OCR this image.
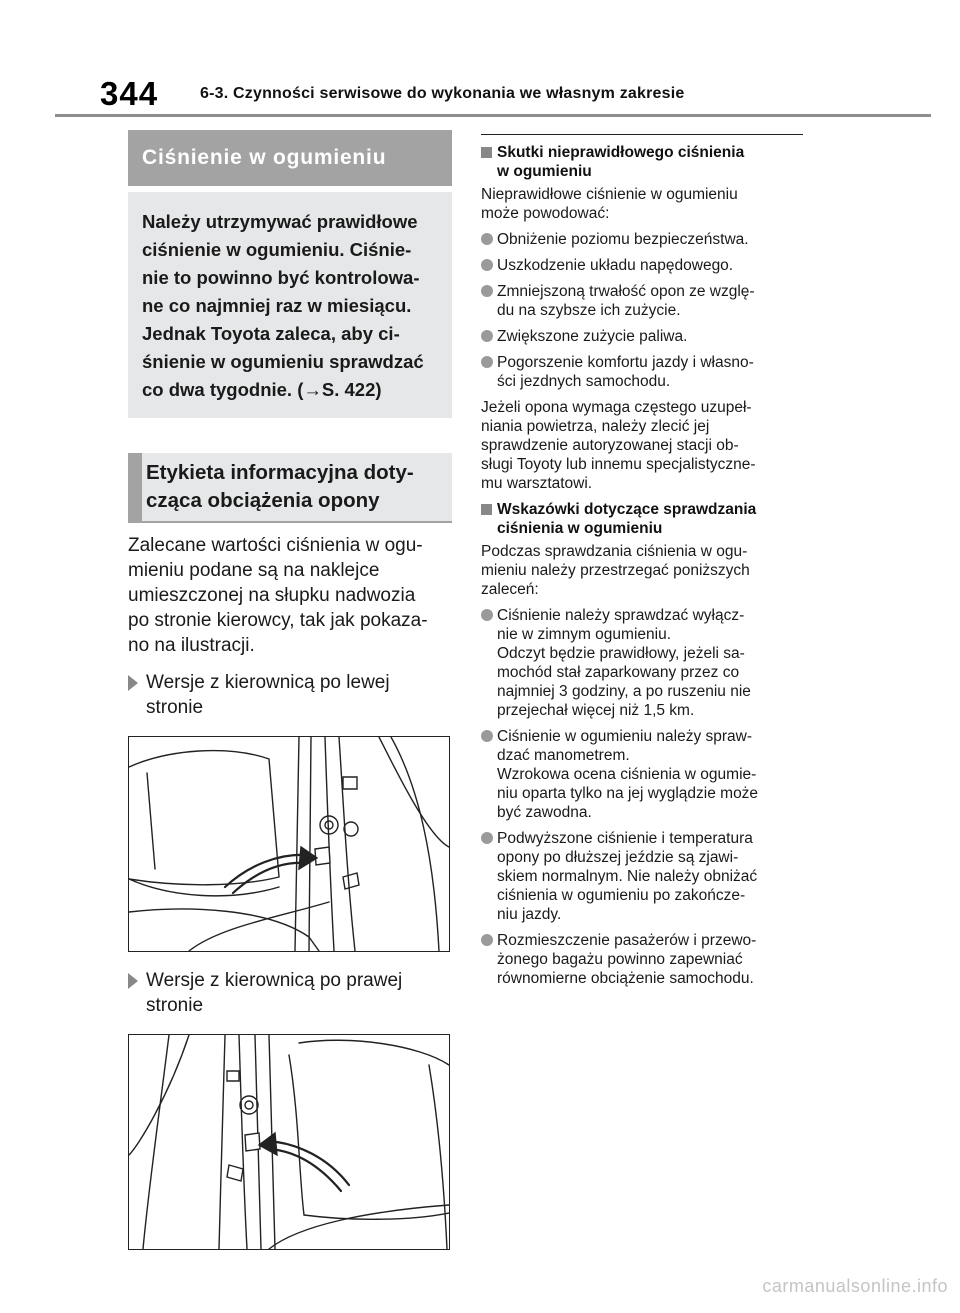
344	6-3. Czynności serwisowe do wykonania we własnym zakresie
Ciśnienie w ogumieniu
Należy utrzymywać prawidłowe
ciśnienie w ogumieniu. Ciśnie-
nie to powinno być kontrolowa-
ne co najmniej raz w miesiącu.
Jednak Toyota zaleca, aby ci-
śnienie w ogumieniu sprawdzać
co dwa tygodnie. (→S. 422)
Etykieta informacyjna doty-
cząca obciążenia opony
Zalecane wartości ciśnienia w ogu-
mieniu podane są na naklejce
umieszczonej na słupku nadwozia
po stronie kierowcy, tak jak pokaza-
no na ilustracji.
Wersje z kierownicą po lewej
stronie
Wersje z kierownicą po prawej
stronie
Skutki nieprawidłowego ciśnienia
w ogumieniu
Nieprawidłowe ciśnienie w ogumieniu
może powodować:
Obniżenie poziomu bezpieczeństwa.
Uszkodzenie układu napędowego.
Zmniejszoną trwałość opon ze wzglę-
du na szybsze ich zużycie.
Zwiększone zużycie paliwa.
Pogorszenie komfortu jazdy i własno-
ści jezdnych samochodu.
Jeżeli opona wymaga częstego uzupeł-
niania powietrza, należy zlecić jej
sprawdzenie autoryzowanej stacji ob-
sługi Toyoty lub innemu specjalistyczne-
mu warsztatowi.
Wskazówki dotyczące sprawdzania
ciśnienia w ogumieniu
Podczas sprawdzania ciśnienia w ogu-
mieniu należy przestrzegać poniższych
zaleceń:
Ciśnienie należy sprawdzać wyłącz-
nie w zimnym ogumieniu.
Odczyt będzie prawidłowy, jeżeli sa-
mochód stał zaparkowany przez co
najmniej 3 godziny, a po ruszeniu nie
przejechał więcej niż 1,5 km.
Ciśnienie w ogumieniu należy spraw-
dzać manometrem.
Wzrokowa ocena ciśnienia w ogumie-
niu oparta tylko na jej wyglądzie może
być zawodna.
Podwyższone ciśnienie i temperatura
opony po dłuższej jeździe są zjawi-
skiem normalnym. Nie należy obniżać
ciśnienia w ogumieniu po zakończe-
niu jazdy.
Rozmieszczenie pasażerów i przewo-
żonego bagażu powinno zapewniać
równomierne obciążenie samochodu.
carmanualsonline.info
